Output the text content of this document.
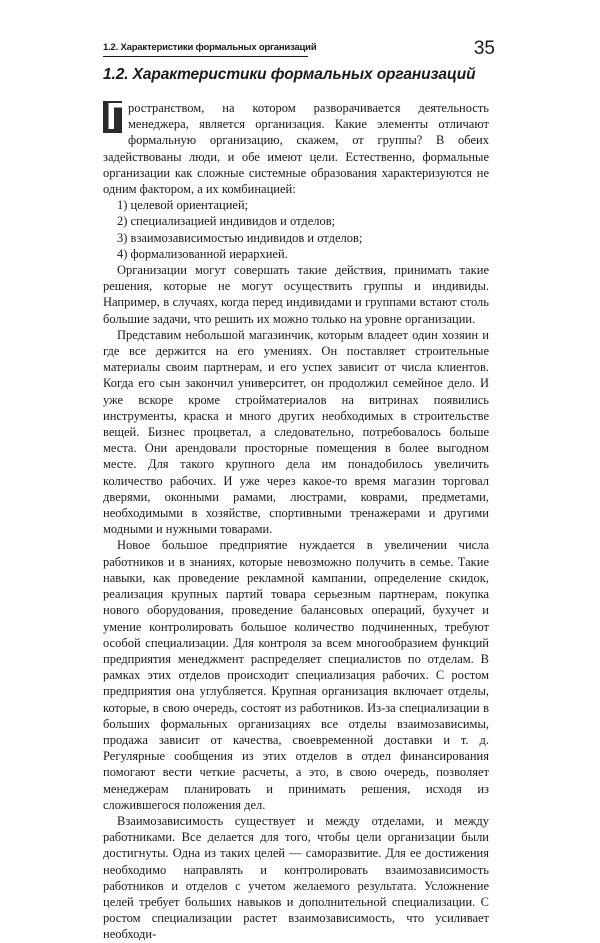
1.2. Характеристики формальных организаций	35
1.2. Характеристики формальных организаций

П
ространством, на котором разворачивается деятельность менеджера, является организация. Какие элементы отличают формальную организацию, скажем, от группы? В обеих задействованы люди, и обе имеют цели. Естественно, формальные организации как сложные системные образования характеризуются не одним фактором, а их комбинацией:

1) целевой ориентацией;
2) специализацией индивидов и отделов;
3) взаимозависимостью индивидов и отделов;
4) формализованной иерархией.

Организации могут совершать такие действия, принимать такие решения, которые не могут осуществить группы и индивиды. Например, в случаях, когда перед индивидами и группами встают столь большие задачи, что решить их можно только на уровне организации.

Представим небольшой магазинчик, которым владеет один хозяин и где все держится на его умениях. Он поставляет строительные материалы своим партнерам, и его успех зависит от числа клиентов. Когда его сын закончил университет, он продолжил семейное дело. И уже вскоре кроме стройматериалов на витринах появились инструменты, краска и много других необходимых в строительстве вещей. Бизнес процветал, а следовательно, потребовалось больше места. Они арендовали просторные помещения в более выгодном месте. Для такого крупного дела им понадобилось увеличить количество рабочих. И уже через какое-то время магазин торговал дверями, оконными рамами, люстрами, коврами, предметами, необходимыми в хозяйстве, спортивными тренажерами и другими модными и нужными товарами.

Новое большое предприятие нуждается в увеличении числа работников и в знаниях, которые невозможно получить в семье. Такие навыки, как проведение рекламной кампании, определение скидок, реализация крупных партий товара серьезным партнерам, покупка нового оборудования, проведение балансовых операций, бухучет и умение контролировать большое количество подчиненных, требуют особой специализации. Для контроля за всем многообразием функций предприятия менеджмент распределяет специалистов по отделам. В рамках этих отделов происходит специализация рабочих. С ростом предприятия она углубляется. Крупная организация включает отделы, которые, в свою очередь, состоят из работников. Из-за специализации в больших формальных организациях все отделы взаимозависимы, продажа зависит от качества, своевременной доставки и т. д. Регулярные сообщения из этих отделов в отдел финансирования помогают вести четкие расчеты, а это, в свою очередь, позволяет менеджерам планировать и принимать решения, исходя из сложившегося положения дел.

Взаимозависимость существует и между отделами, и между работниками. Все делается для того, чтобы цели организации были достигнуты. Одна из таких целей — саморазвитие. Для ее достижения необходимо направлять и контролировать взаимозависимость работников и отделов с учетом желаемого результата. Усложнение целей требует больших навыков и дополнительной специализации. С ростом специализации растет взаимозависимость, что усиливает необходи-
